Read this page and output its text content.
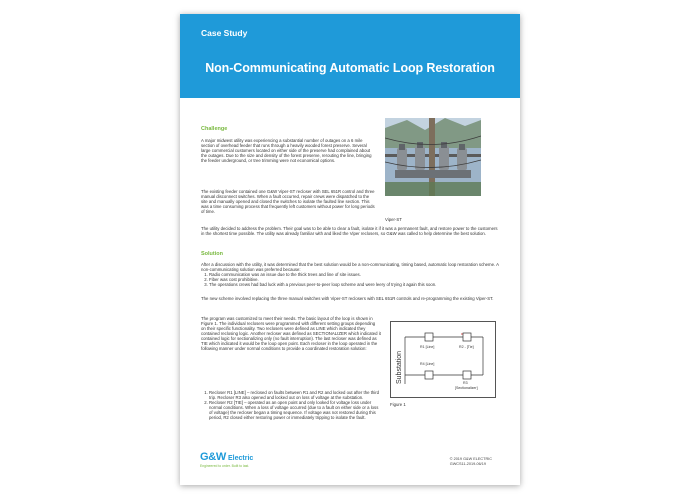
Case Study
Non-Communicating Automatic Loop Restoration
Challenge

A major midwest utility was experiencing a substantial number of outages on a 6 mile section of overhead feeder that runs through a heavily wooded forest preserve. Several large commercial customers located on either side of the preserve had complained about the outages. Due to the size and density of the forest preserve, rerouting the line, bringing the feeder underground, or tree trimming were not economical options.

The existing feeder contained one G&W Viper-ST recloser with SEL 651R control and three manual disconnect switches. When a fault occurred, repair crews were dispatched to the site and manually opened and closed the switches to isolate the faulted line section. This was a time consuming process that frequently left customers without power for long periods of time.

Viper-ST

The utility decided to address the problem. Their goal was to be able to clear a fault, isolate it if it was a permanent fault, and restore power to the customers in the shortest time possible. The utility was already familiar with and liked the Viper reclosers, so G&W was called to help determine the best solution.

Solution

After a discussion with the utility, it was determined that the best solution would be a non-communicating, timing based, automatic loop restoration scheme. A non-communicating solution was preferred because:

1. Radio communication was an issue due to the thick trees and line of site issues.
2. Fiber was cost prohibitive.
3. The operations crews had bad luck with a previous peer-to-peer loop scheme and were leery of trying it again this soon.

The new scheme involved replacing the three manual switches with Viper-ST reclosers with SEL 651R controls and re-programming the existing Viper-ST.

The program was customized to meet their needs. The basic layout of the loop is shown in Figure 1. The individual reclosers were programmed with different setting groups depending on their specific functionality. Two reclosers were defined as LINE which indicated they contained reclosing logic. Another recloser was defined as SECTIONALIZER which indicated it contained logic for sectionalizing only (no fault interruption). The last recloser was defined as TIE which indicated it would be the loop open point. Each recloser in the loop operated in the following manner under normal conditions to provide a coordinated restoration solution:

1. Recloser R1 [LINE] – reclosed on faults between R1 and R2 and locked out after the third trip. Recloser R3 also opened and locked out on loss of voltage at the substation.
2. Recloser R2 [TIE] – operated as an open point and only looked for voltage loss under normal conditions. When a loss of voltage occurred (due to a fault on either side or a loss of voltage) the recloser began a timing sequence. If voltage was not restored during this period, R2 closed either restoring power or immediately tripping to isolate the fault.
Substation
R1 [Line]	R2 - [Tie]
R4 [Line]
R3
[Sectionalizer]
Figure 1
G&W Electric
Engineered to order. Built to last.
© 2019 G&W ELECTRIC
GWCS11-2019-06/19
